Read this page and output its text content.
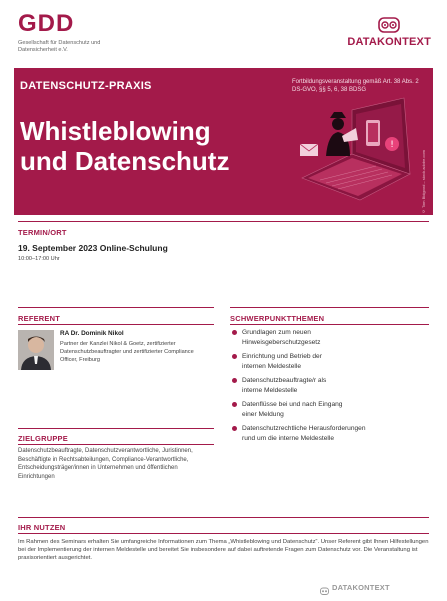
GDD
Gesellschaft für Datenschutz und Datensicherheit e.V.
DATAKONTEXT
DATENSCHUTZ-PRAXIS	Fortbildungsveranstaltung gemäß Art. 38 Abs. 2 DS-GVO, §§ 5, 6, 38 BDSG
Whistleblowing
und Datenschutz
!
© Tom Bidgood – stock.adobe.com
TERMIN/ORT
19. September 2023 Online-Schulung
10:00–17:00 Uhr
REFERENT	SCHWERPUNKTTHEMEN
RA Dr. Dominik Nikol
Partner der Kanzlei Nikol & Goetz, zertifizierter Datenschutzbeauftragter und zertifizierter Compliance Officer, Freiburg
Grundlagen zum neuen
Hinweisgeberschutzgesetz
Einrichtung und Betrieb der
internen Meldestelle
Datenschutzbeauftragte/r als
interne Meldestelle
Datenflüsse bei und nach Eingang
einer Meldung
Datenschutzrechtliche Herausforderungen
rund um die interne Meldestelle
ZIELGRUPPE
Datenschutzbeauftragte, Datenschutzverantwortliche, Juristinnen, Beschäftigte in Rechtsabteilungen, Compliance-Verantwortliche, Entscheidungsträger/innen in Unternehmen und öffentlichen Einrichtungen
IHR NUTZEN
Im Rahmen des Seminars erhalten Sie umfangreiche Informationen zum Thema „Whistleblowing und Datenschutz“. Unser Referent gibt Ihnen Hilfestellungen bei der Implementierung der internen Meldestelle und bereitet Sie insbesondere auf dabei auftretende Fragen zum Datenschutz vor. Die Veranstaltung ist praxisorientiert ausgerichtet.
DATAKONTEXT
